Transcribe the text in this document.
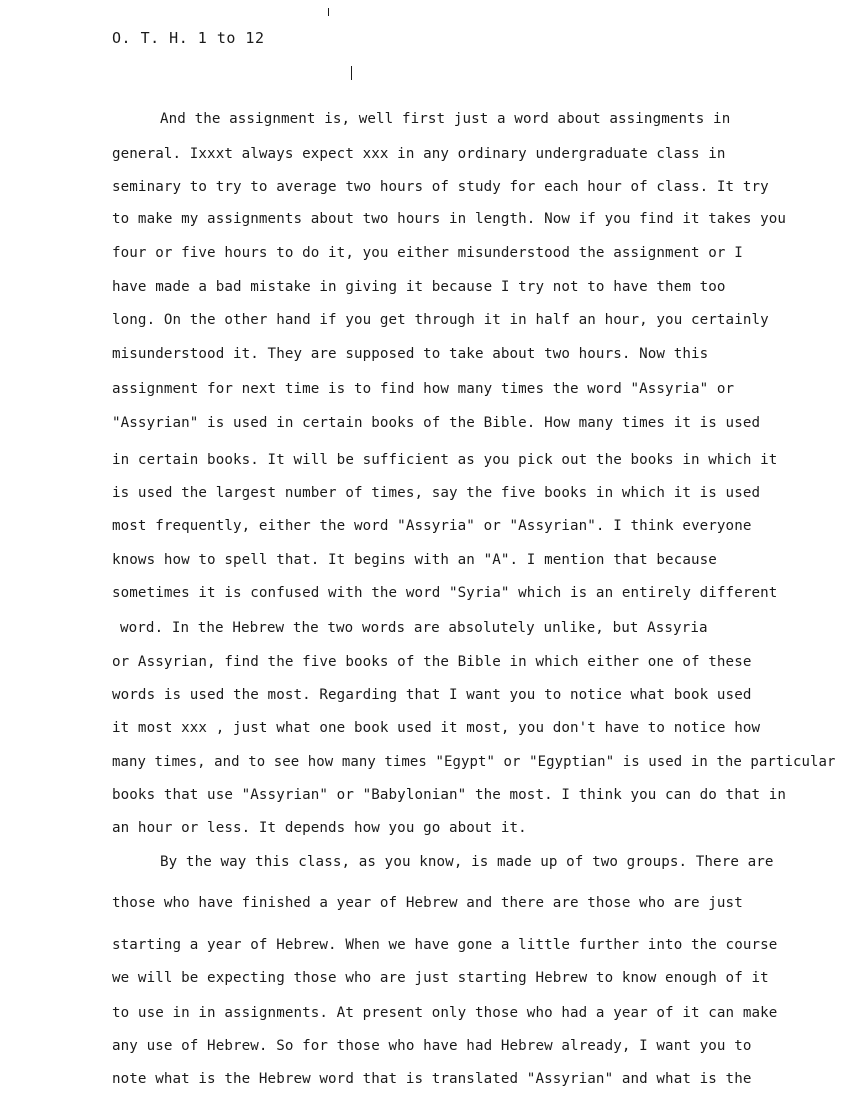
O. T. H. 1 to 12
And the assignment is, well first just a word about assingments in
general. Ixxxt always expect xxx in any ordinary undergraduate class in
seminary to try to average two hours of study for each hour of class. It try
to make my assignments about two hours in length. Now if you find it takes you
four or five hours to do it, you either misunderstood the assignment or I
have made a bad mistake in giving it because I try not to have them too
long. On the other hand if you get through it in half an hour, you certainly
misunderstood it. They are supposed to take about two hours. Now this
assignment for next time is to find how many times the word "Assyria" or
"Assyrian" is used in certain books of the Bible. How many times it is used
in certain books. It will be sufficient as you pick out the books in which it
is used the largest number of times, say the five books in which it is used
most frequently, either the word "Assyria" or "Assyrian". I think everyone
knows how to spell that. It begins with an "A". I mention that because
sometimes it is confused with the word "Syria" which is an entirely different
word. In the Hebrew the two words are absolutely unlike, but Assyria
or Assyrian, find the five books of the Bible in which either one of these
words is used the most. Regarding that I want you to notice what book used
it most xxx , just what one book used it most, you don't have to notice how
many times, and to see how many times "Egypt" or "Egyptian" is used in the particular
books that use "Assyrian" or "Babylonian" the most. I think you can do that in
an hour or less. It depends how you go about it.
By the way this class, as you know, is made up of two groups. There are
those who have finished a year of Hebrew and there are those who are just
starting a year of Hebrew. When we have gone a little further into the course
we will be expecting those who are just starting Hebrew to know enough of it
to use in in assignments. At present only those who had a year of it can make
any use of Hebrew. So for those who have had Hebrew already, I want you to
note what is the Hebrew word that is translated "Assyrian" and what is the
